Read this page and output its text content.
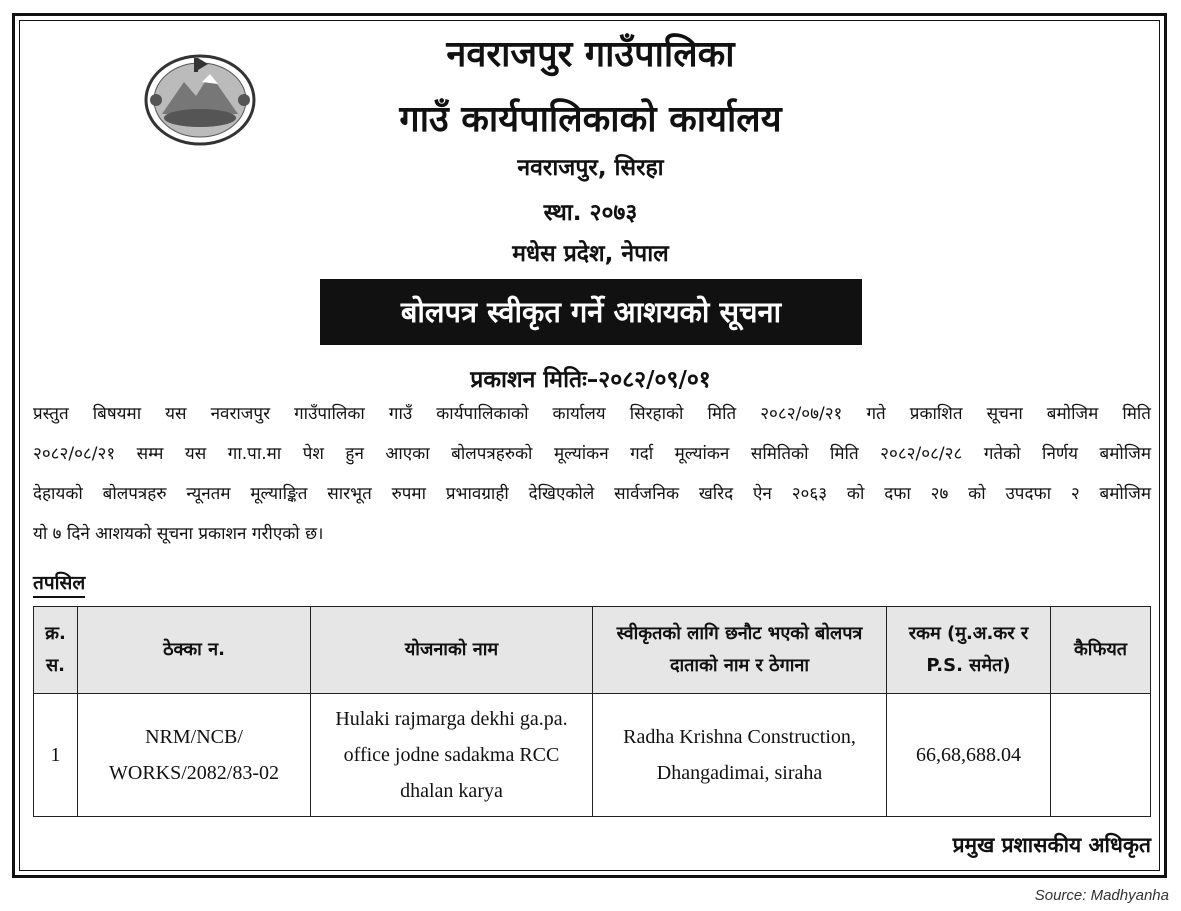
नवराजपुर गाउँपालिका
गाउँ कार्यपालिकाको कार्यालय
नवराजपुर, सिरहा
स्था. २०७३
मधेस प्रदेश, नेपाल
बोलपत्र स्वीकृत गर्ने आशयको सूचना
प्रकाशन मितिः–२०८२/०९/०१
प्रस्तुत बिषयमा यस नवराजपुर गाउँपालिका गाउँ कार्यपालिकाको कार्यालय सिरहाको मिति २०८२/०७/२१ गते प्रकाशित सूचना बमोजिम मिति
२०८२/०८/२१ सम्म यस गा.पा.मा पेश हुन आएका बोलपत्रहरुको मूल्यांकन गर्दा मूल्यांकन समितिको मिति २०८२/०८/२८ गतेको निर्णय बमोजिम
देहायको बोलपत्रहरु न्यूनतम मूल्याङ्कित सारभूत रुपमा प्रभावग्राही देखिएकोले सार्वजनिक खरिद ऐन २०६३ को दफा २७ को उपदफा २ बमोजिम
यो ७ दिने आशयको सूचना प्रकाशन गरीएको छ।
तपसिल
क्र. स.	ठेक्का न.	योजनाको नाम	स्वीकृतको लागि छनौट भएको बोलपत्र दाताको नाम र ठेगाना	रकम (मु.अ.कर र P.S. समेत)	कैफियत
1	NRM/NCB/ WORKS/2082/83-02	Hulaki rajmarga dekhi ga.pa. office jodne sadakma RCC dhalan karya	Radha Krishna Construction, Dhangadimai, siraha	66,68,688.04	
प्रमुख प्रशासकीय अधिकृत
Source: Madhyanha
